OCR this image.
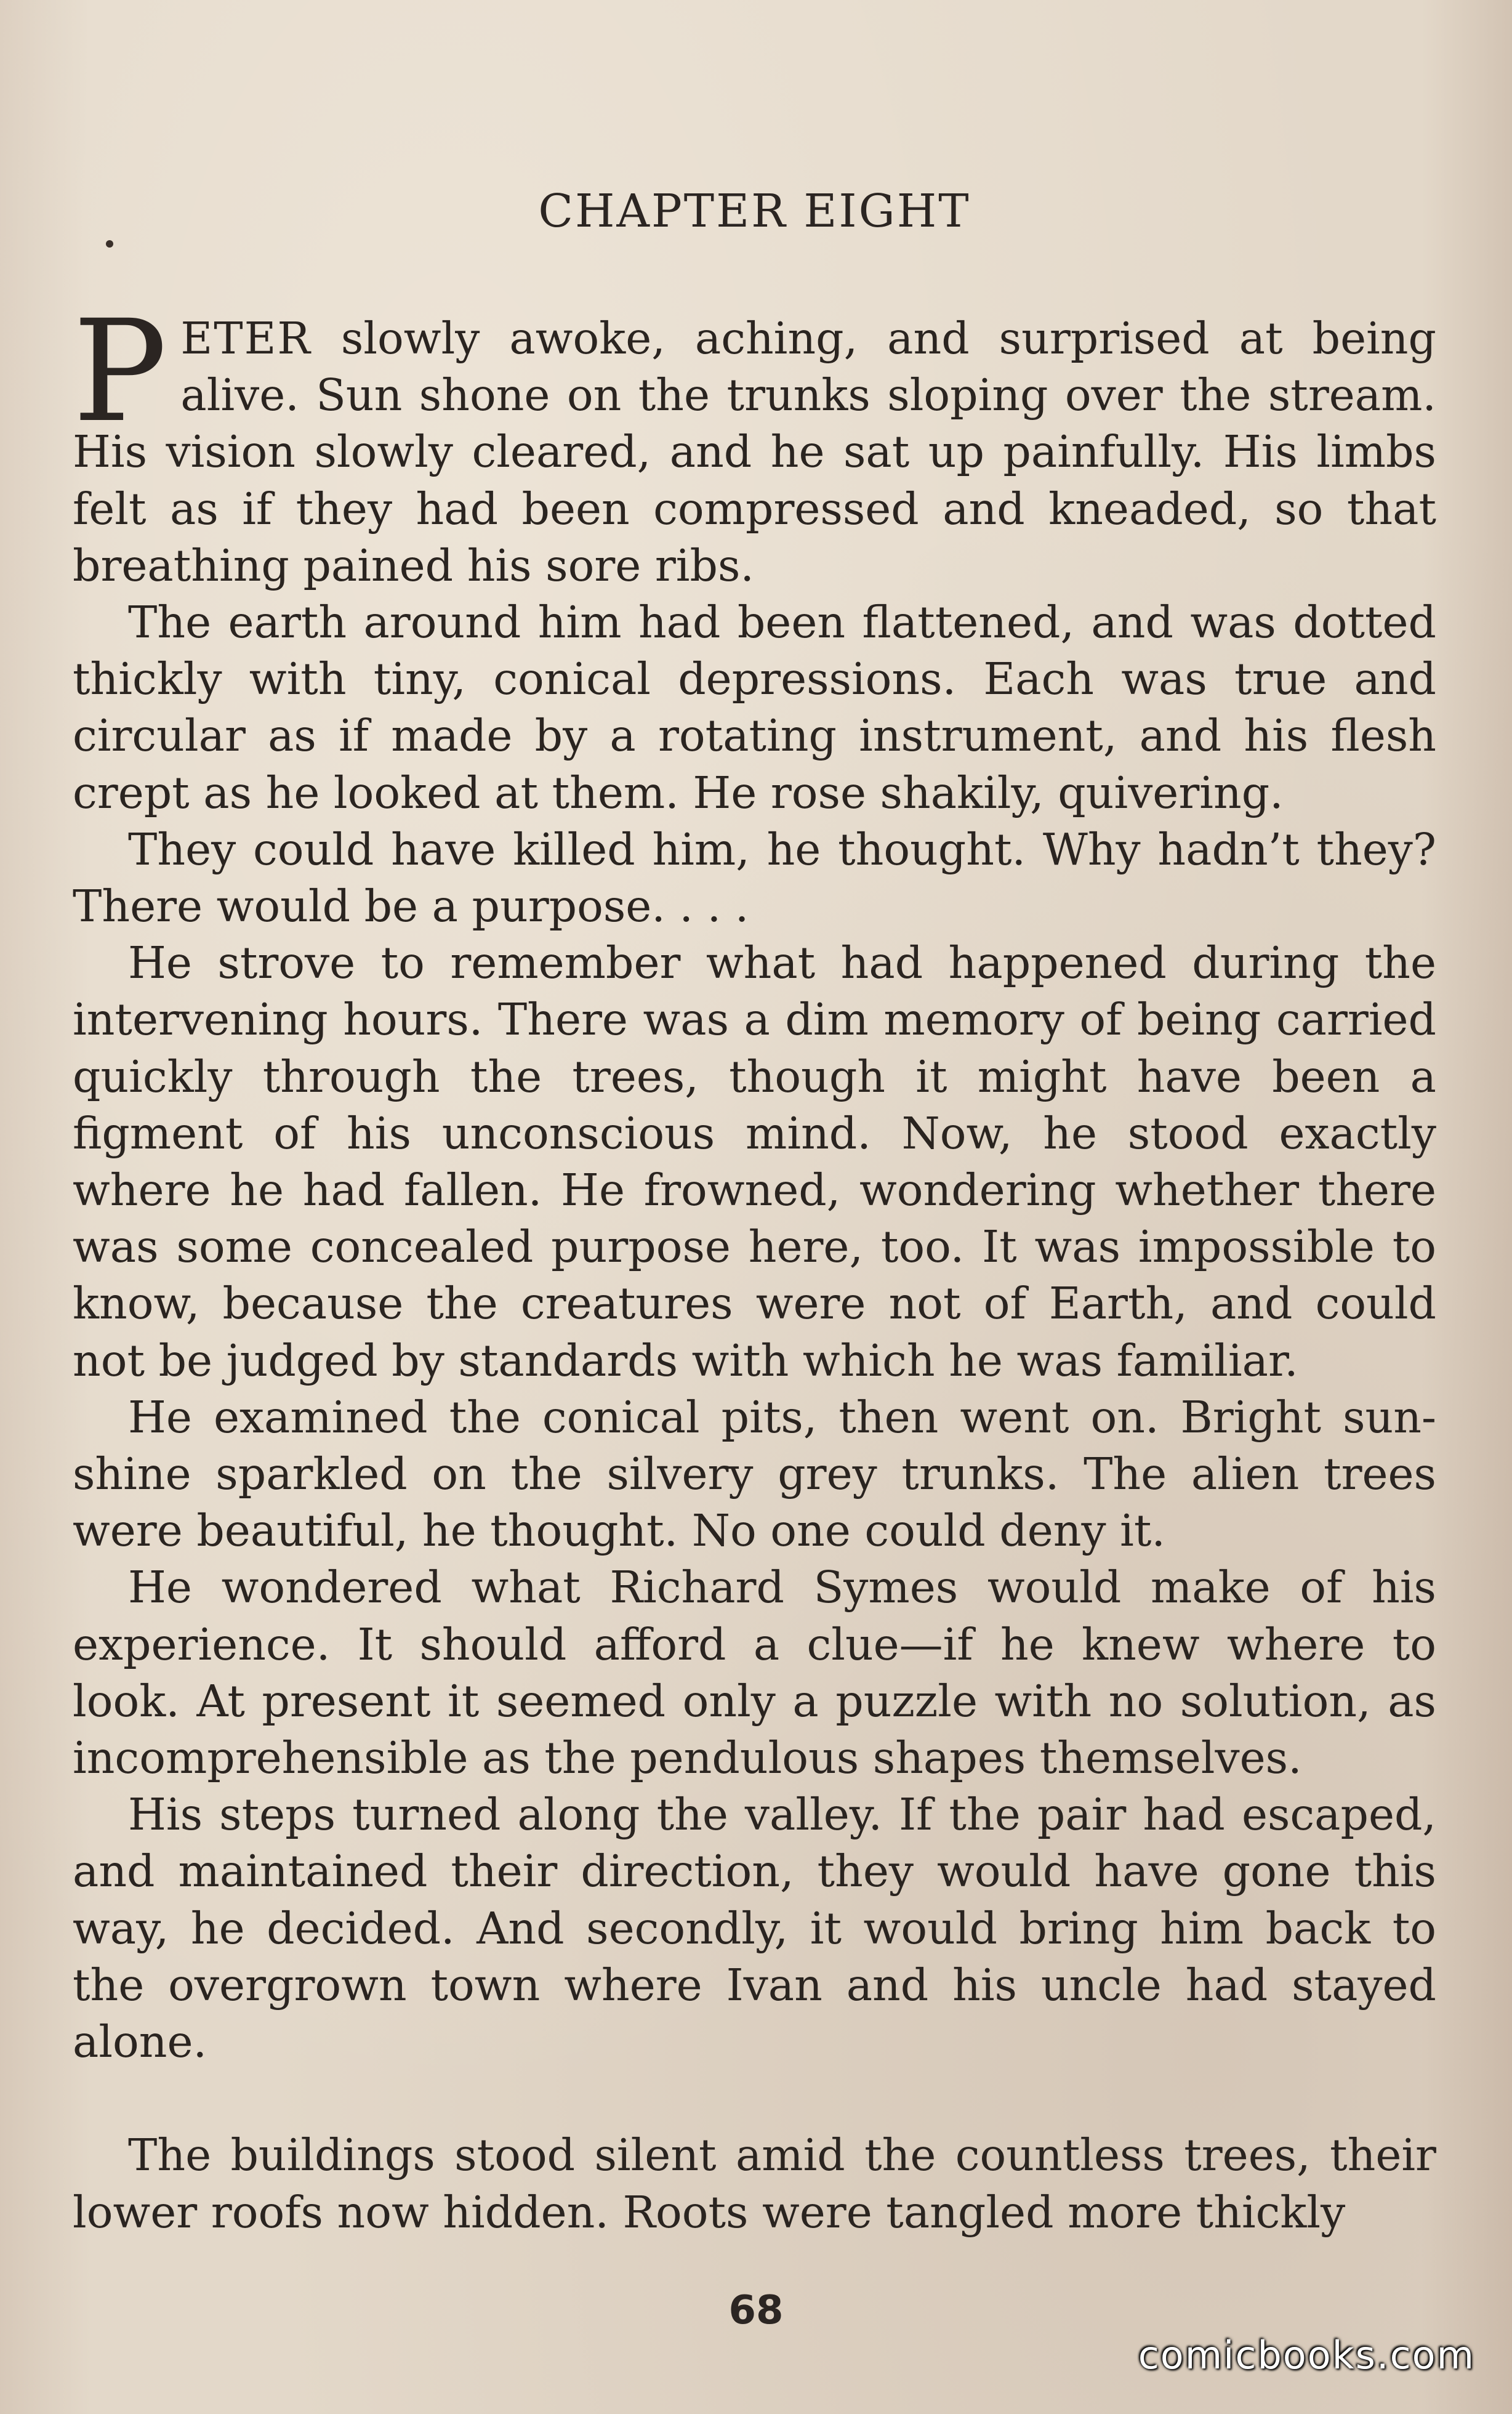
CHAPTER EIGHT

PETER slowly awoke, aching, and surprised at being alive. Sun shone on the trunks sloping over the stream. His vision slowly cleared, and he sat up painfully. His limbs felt as if they had been compressed and kneaded, so that breathing pained his sore ribs.

The earth around him had been flattened, and was dotted thickly with tiny, conical depressions. Each was true and circular as if made by a rotating instrument, and his flesh crept as he looked at them. He rose shakily, quivering.

They could have killed him, he thought. Why hadn’t they? There would be a purpose. . . .

He strove to remember what had happened during the intervening hours. There was a dim memory of being carried quickly through the trees, though it might have been a figment of his unconscious mind. Now, he stood exactly where he had fallen. He frowned, wondering whether there was some concealed purpose here, too. It was impossible to know, because the creatures were not of Earth, and could not be judged by standards with which he was familiar.

He examined the conical pits, then went on. Bright sun-shine sparkled on the silvery grey trunks. The alien trees were beautiful, he thought. No one could deny it.

He wondered what Richard Symes would make of his experience. It should afford a clue—if he knew where to look. At present it seemed only a puzzle with no solution, as incomprehensible as the pendulous shapes themselves.

His steps turned along the valley. If the pair had escaped, and maintained their direction, they would have gone this way, he decided. And secondly, it would bring him back to the overgrown town where Ivan and his uncle had stayed alone.

The buildings stood silent amid the countless trees, their lower roofs now hidden. Roots were tangled more thickly

68
comicbooks.com
